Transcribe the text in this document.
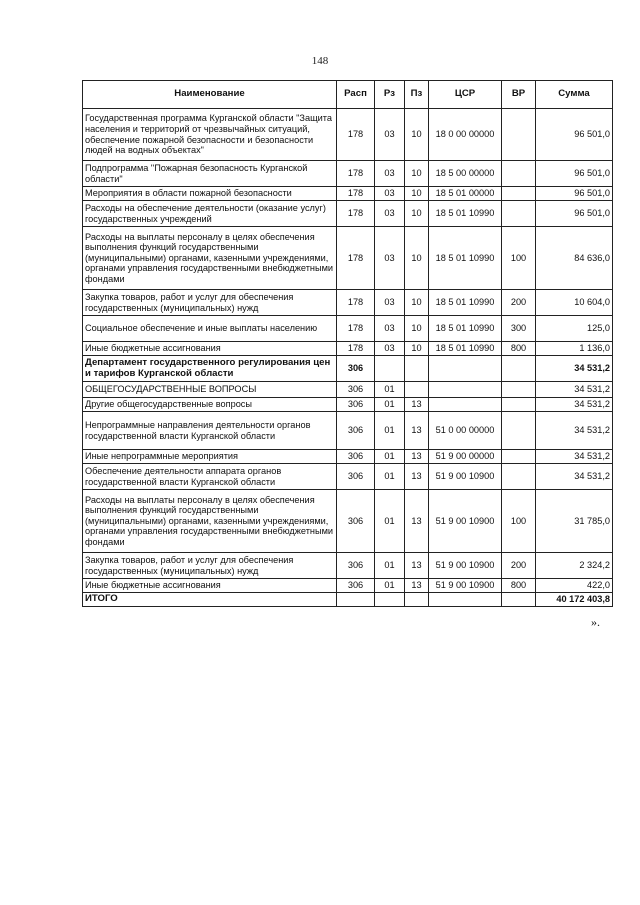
148
Наименование	Расп	Рз	Пз	ЦСР	ВР	Сумма
Государственная программа Курганской области "Защита населения и территорий от чрезвычайных ситуаций, обеспечение пожарной безопасности и безопасности людей на водных объектах"	178	03	10	18 0 00 00000		96 501,0
Подпрограмма "Пожарная безопасность Курганской области"	178	03	10	18 5 00 00000		96 501,0
Мероприятия в области пожарной безопасности	178	03	10	18 5 01 00000		96 501,0
Расходы на обеспечение деятельности (оказание услуг) государственных учреждений	178	03	10	18 5 01 10990		96 501,0
Расходы на выплаты персоналу в целях обеспечения выполнения функций государственными (муниципальными) органами, казенными учреждениями, органами управления государственными внебюджетными фондами	178	03	10	18 5 01 10990	100	84 636,0
Закупка товаров, работ и услуг для обеспечения государственных (муниципальных) нужд	178	03	10	18 5 01 10990	200	10 604,0
Социальное обеспечение и иные выплаты населению	178	03	10	18 5 01 10990	300	125,0
Иные бюджетные ассигнования	178	03	10	18 5 01 10990	800	1 136,0
Департамент государственного регулирования цен и тарифов Курганской области	306					34 531,2
ОБЩЕГОСУДАРСТВЕННЫЕ ВОПРОСЫ	306	01				34 531,2
Другие общегосударственные вопросы	306	01	13			34 531,2
Непрограммные направления деятельности органов государственной власти Курганской области	306	01	13	51 0 00 00000		34 531,2
Иные непрограммные мероприятия	306	01	13	51 9 00 00000		34 531,2
Обеспечение деятельности аппарата органов государственной власти Курганской области	306	01	13	51 9 00 10900		34 531,2
Расходы на выплаты персоналу в целях обеспечения выполнения функций государственными (муниципальными) органами, казенными учреждениями, органами управления государственными внебюджетными фондами	306	01	13	51 9 00 10900	100	31 785,0
Закупка товаров, работ и услуг для обеспечения государственных (муниципальных) нужд	306	01	13	51 9 00 10900	200	2 324,2
Иные бюджетные ассигнования	306	01	13	51 9 00 10900	800	422,0
ИТОГО						40 172 403,8
».
